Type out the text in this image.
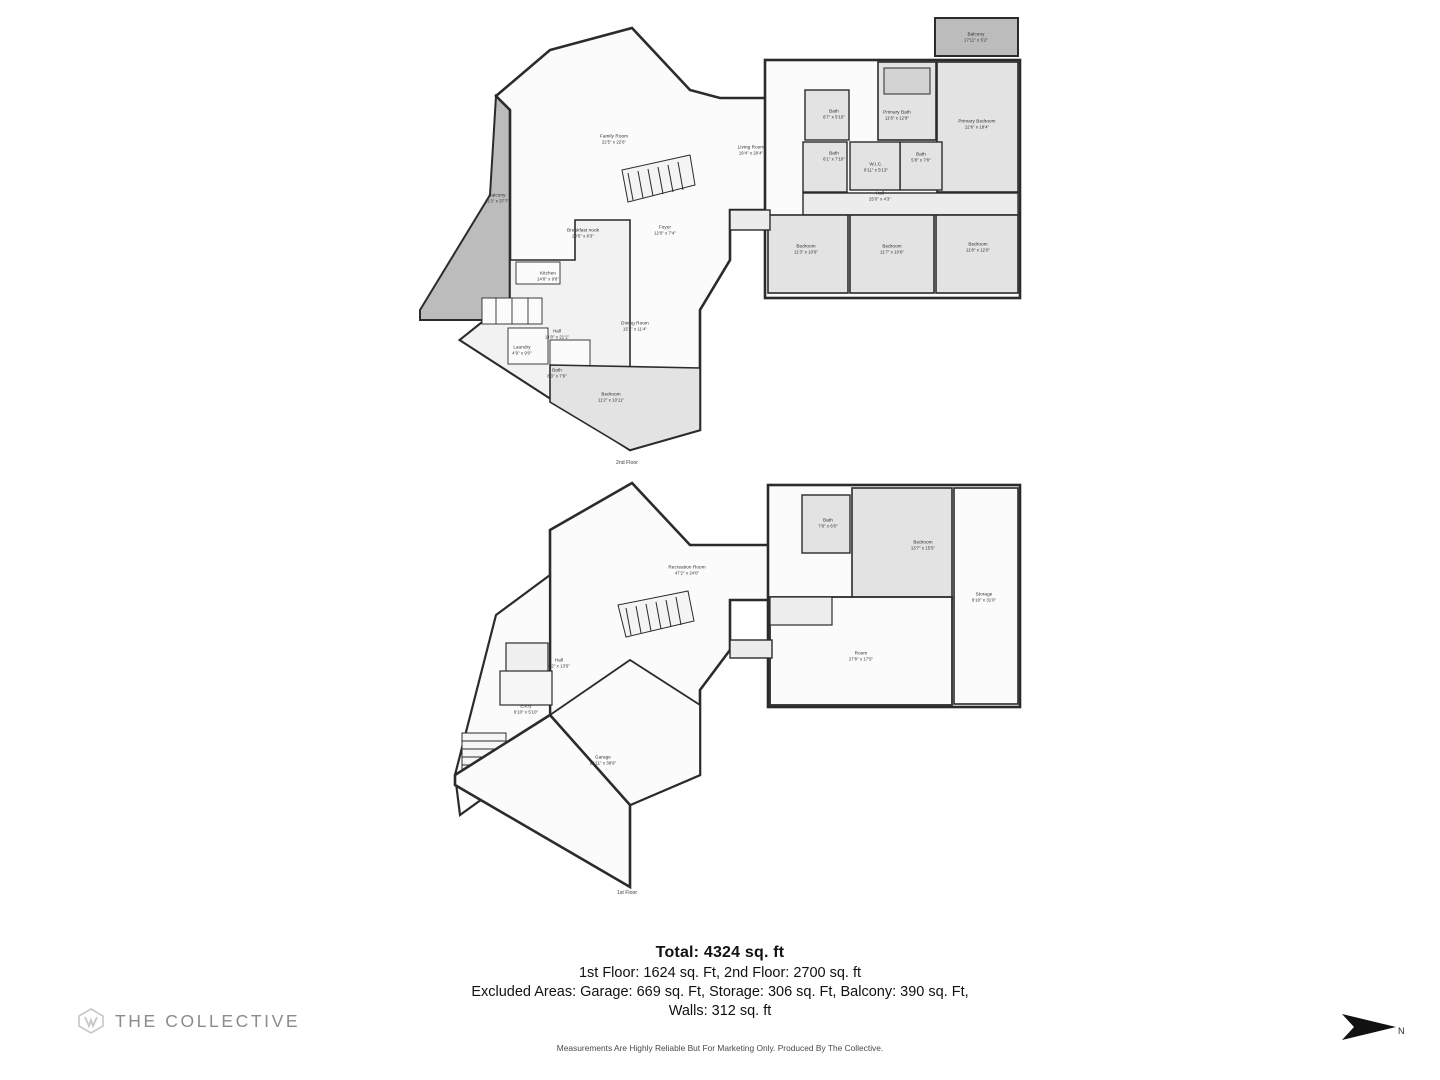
Balcony
17'11" x 5'2"
Primary Bath
11'6" x 12'8"
Primary Bedroom
12'6" x 18'4"
Bath
6'7" x 5'10"
Bath
6'1" x 7'10"
Bath
5'8" x 7'8"
W.I.C.
6'11" x 5'13"
Hall
25'0" x 4'3"
Bedroom
11'3" x 10'6"
Bedroom
11'7" x 10'6"
Bedroom
11'8" x 12'0"
Living Room
19'4" x 20'4"
Family Room
22'5" x 22'6"
Foyer
12'0" x 7'4"
Breakfast nook
20'5" x 8'3"
Kitchen
14'8" x 9'8"
Balcony
11'3" x 37'7"
Dining Room
15'1" x 11'4"
Hall
14'0" x 21'1"
Laundry
4'9" x 9'0"
Bath
8'3" x 7'9"
Bedroom
11'2" x 10'11"
2nd Floor
Bath
7'8" x 6'0"
Bedroom
13'7" x 15'5"
Storage
9'10" x 31'0"
Recreation Room
47'2" x 24'0"
Room
27'8" x 17'5"
Hall
4'2" x 13'5"
Entry
6'10" x 5'10"
Garage
21'11" x 38'9"
1st Floor
Total: 4324 sq. ft
1st Floor: 1624 sq. Ft, 2nd Floor: 2700 sq. ft
Excluded Areas: Garage: 669 sq. Ft, Storage: 306 sq. Ft, Balcony: 390 sq. Ft,
Walls: 312 sq. ft
Measurements Are Highly Reliable But For Marketing Only. Produced By The Collective.
THE COLLECTIVE
N
